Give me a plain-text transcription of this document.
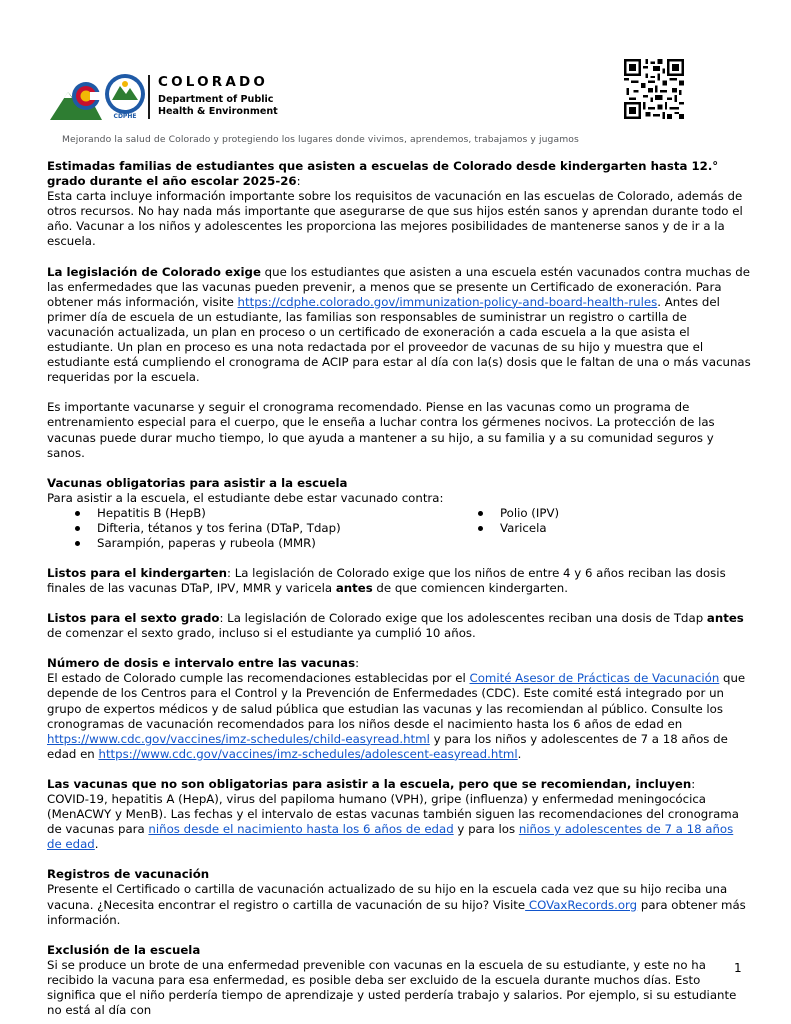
CDPHE
COLORADO
Department of Public
Health & Environment
Mejorando la salud de Colorado y protegiendo los lugares donde vivimos, aprendemos, trabajamos y jugamos

Estimadas familias de estudiantes que asisten a escuelas de Colorado desde kindergarten hasta 12.° grado durante el año escolar 2025-26:
Esta carta incluye información importante sobre los requisitos de vacunación en las escuelas de Colorado, además de otros recursos. No hay nada más importante que asegurarse de que sus hijos estén sanos y aprendan durante todo el año. Vacunar a los niños y adolescentes les proporciona las mejores posibilidades de mantenerse sanos y de ir a la escuela.

La legislación de Colorado exige que los estudiantes que asisten a una escuela estén vacunados contra muchas de las enfermedades que las vacunas pueden prevenir, a menos que se presente un Certificado de exoneración. Para obtener más información, visite https://cdphe.colorado.gov/immunization-policy-and-board-health-rules. Antes del primer día de escuela de un estudiante, las familias son responsables de suministrar un registro o cartilla de vacunación actualizada, un plan en proceso o un certificado de exoneración a cada escuela a la que asista el estudiante. Un plan en proceso es una nota redactada por el proveedor de vacunas de su hijo y muestra que el estudiante está cumpliendo el cronograma de ACIP para estar al día con la(s) dosis que le faltan de una o más vacunas requeridas por la escuela.

Es importante vacunarse y seguir el cronograma recomendado. Piense en las vacunas como un programa de entrenamiento especial para el cuerpo, que le enseña a luchar contra los gérmenes nocivos. La protección de las vacunas puede durar mucho tiempo, lo que ayuda a mantener a su hijo, a su familia y a su comunidad seguros y sanos.

Vacunas obligatorias para asistir a la escuela
Para asistir a la escuela, el estudiante debe estar vacunado contra:

Hepatitis B (HepB)
Difteria, tétanos y tos ferina (DTaP, Tdap)
Sarampión, paperas y rubeola (MMR)
Polio (IPV)
Varicela

Listos para el kindergarten: La legislación de Colorado exige que los niños de entre 4 y 6 años reciban las dosis finales de las vacunas DTaP, IPV, MMR y varicela antes de que comiencen kindergarten.

Listos para el sexto grado: La legislación de Colorado exige que los adolescentes reciban una dosis de Tdap antes de comenzar el sexto grado, incluso si el estudiante ya cumplió 10 años.

Número de dosis e intervalo entre las vacunas:
El estado de Colorado cumple las recomendaciones establecidas por el Comité Asesor de Prácticas de Vacunación que depende de los Centros para el Control y la Prevención de Enfermedades (CDC). Este comité está integrado por un grupo de expertos médicos y de salud pública que estudian las vacunas y las recomiendan al público. Consulte los cronogramas de vacunación recomendados para los niños desde el nacimiento hasta los 6 años de edad en https://www.cdc.gov/vaccines/imz-schedules/child-easyread.html y para los niños y adolescentes de 7 a 18 años de edad en https://www.cdc.gov/vaccines/imz-schedules/adolescent-easyread.html.

Las vacunas que no son obligatorias para asistir a la escuela, pero que se recomiendan, incluyen:
COVID-19, hepatitis A (HepA), virus del papiloma humano (VPH), gripe (influenza) y enfermedad meningocócica (MenACWY y MenB). Las fechas y el intervalo de estas vacunas también siguen las recomendaciones del cronograma de vacunas para niños desde el nacimiento hasta los 6 años de edad y para los niños y adolescentes de 7 a 18 años de edad.

Registros de vacunación
Presente el Certificado o cartilla de vacunación actualizado de su hijo en la escuela cada vez que su hijo reciba una vacuna. ¿Necesita encontrar el registro o cartilla de vacunación de su hijo? Visite COVaxRecords.org para obtener más información.

Exclusión de la escuela
Si se produce un brote de una enfermedad prevenible con vacunas en la escuela de su estudiante, y este no ha recibido la vacuna para esa enfermedad, es posible deba ser excluido de la escuela durante muchos días. Esto significa que el niño perdería tiempo de aprendizaje y usted perdería trabajo y salarios. Por ejemplo, si su estudiante no está al día con

1
